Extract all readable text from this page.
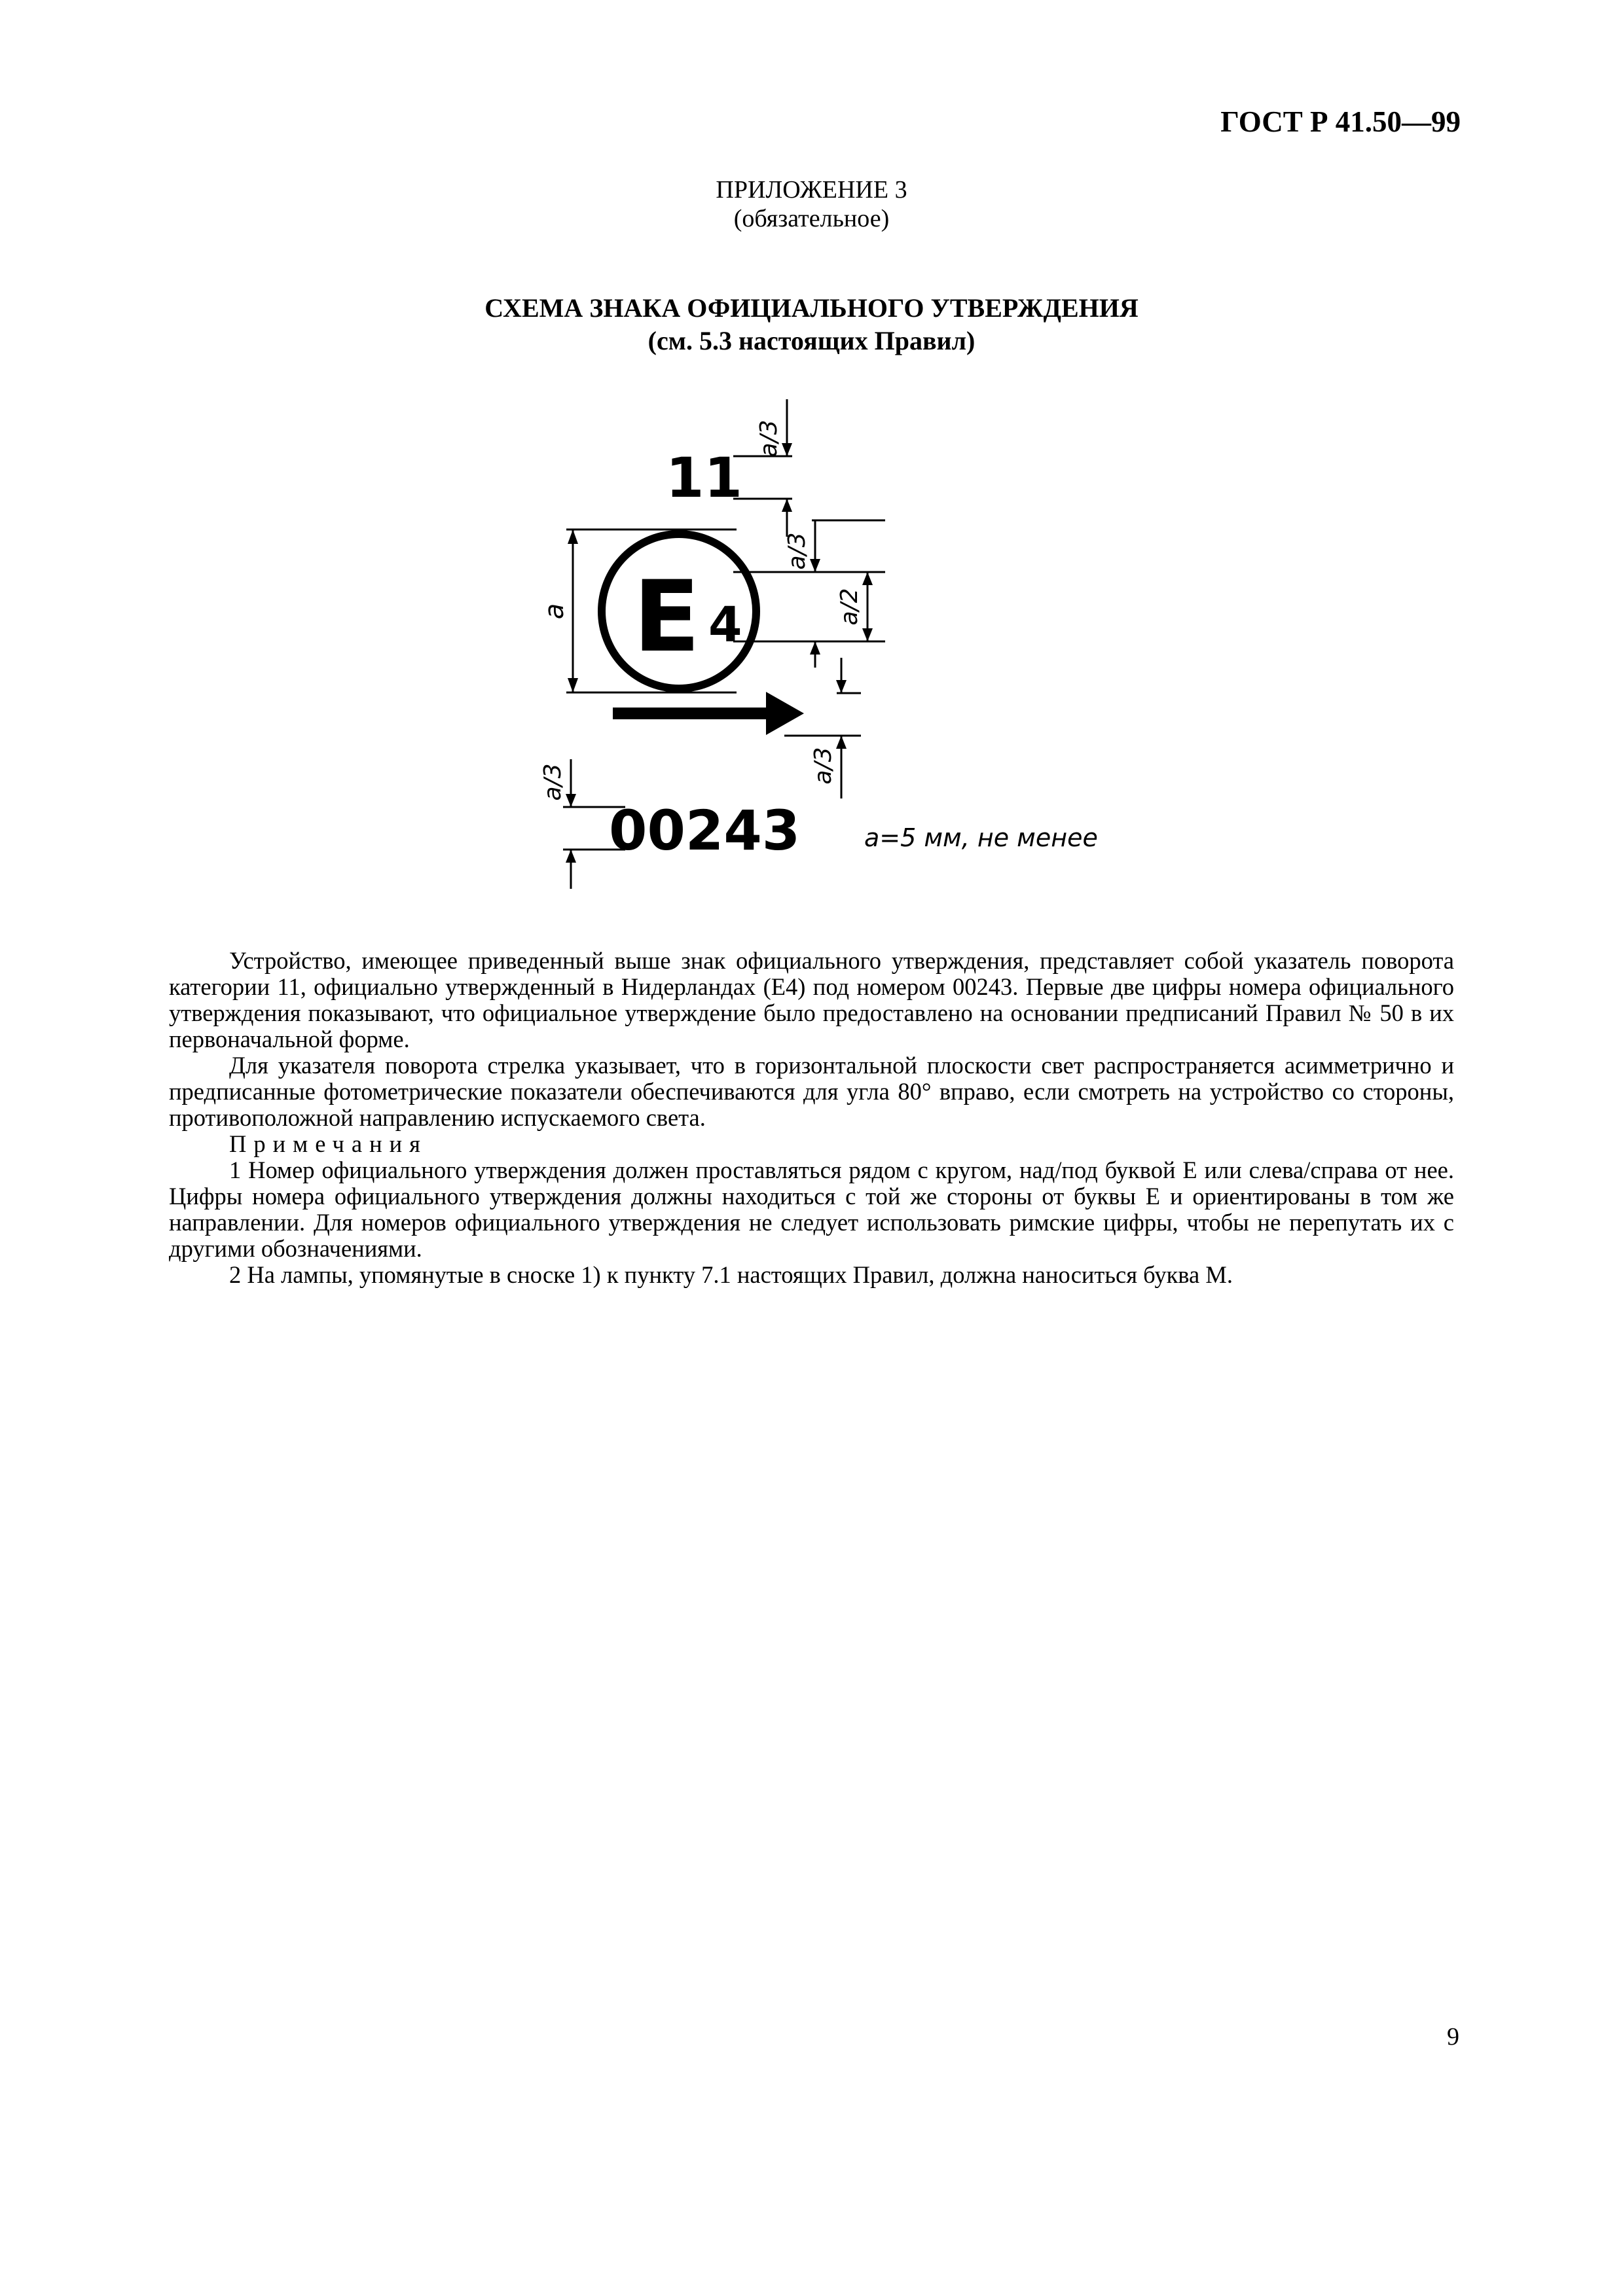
ГОСТ Р 41.50—99
ПРИЛОЖЕНИЕ 3
(обязательное)
СХЕМА ЗНАКА ОФИЦИАЛЬНОГО УТВЕРЖДЕНИЯ
(см. 5.3 настоящих Правил)
11
E 4
00243
a/3
a
a/3
a/2
a/3
a/3
a=5 мм, не менее

Устройство, имеющее приведенный выше знак официального утверждения, представляет собой указатель поворота категории 11, официально утвержденный в Нидерландах (Е4) под номером 00243. Первые две цифры номера официального утверждения показывают, что официальное утверждение было предоставлено на основании предписаний Правил № 50 в их первоначальной форме.

Для указателя поворота стрелка указывает, что в горизонтальной плоскости свет распространяется асимметрично и предписанные фотометрические показатели обеспечиваются для угла 80° вправо, если смотреть на устройство со стороны, противоположной направлению испускаемого света.

Примечания

1 Номер официального утверждения должен проставляться рядом с кругом, над/под буквой Е или слева/справа от нее. Цифры номера официального утверждения должны находиться с той же стороны от буквы Е и ориентированы в том же направлении. Для номеров официального утверждения не следует использовать римские цифры, чтобы не перепутать их с другими обозначениями.

2 На лампы, упомянутые в сноске 1) к пункту 7.1 настоящих Правил, должна наноситься буква М.

9
